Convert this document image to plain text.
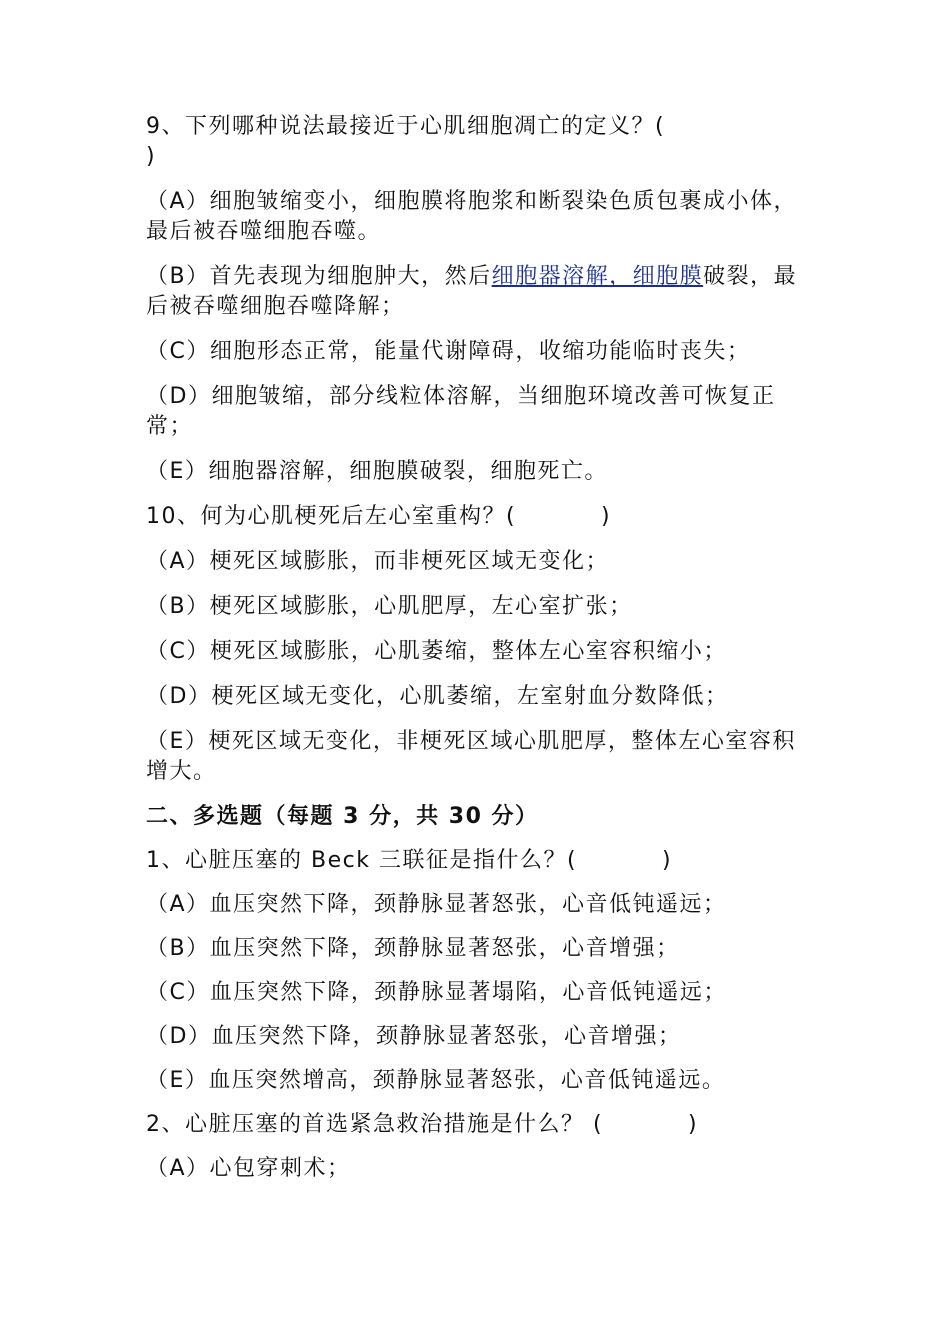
9、下列哪种说法最接近于心肌细胞凋亡的定义？(
)
（A）细胞皱缩变小，细胞膜将胞浆和断裂染色质包裹成小体，最后被吞噬细胞吞噬。
（B）首先表现为细胞肿大，然后细胞器溶解，细胞膜破裂，最后被吞噬细胞吞噬降解；
（C）细胞形态正常，能量代谢障碍，收缩功能临时丧失；
（D）细胞皱缩，部分线粒体溶解，当细胞环境改善可恢复正常；
（E）细胞器溶解，细胞膜破裂，细胞死亡。
10、何为心肌梗死后左心室重构？(          )
（A）梗死区域膨胀，而非梗死区域无变化；
（B）梗死区域膨胀，心肌肥厚，左心室扩张；
（C）梗死区域膨胀，心肌萎缩，整体左心室容积缩小；
（D）梗死区域无变化，心肌萎缩，左室射血分数降低；
（E）梗死区域无变化，非梗死区域心肌肥厚，整体左心室容积增大。
二、多选题（每题 3 分，共 30 分）
1、心脏压塞的 Beck 三联征是指什么？(          )
（A）血压突然下降，颈静脉显著怒张，心音低钝遥远；
（B）血压突然下降，颈静脉显著怒张，心音增强；
（C）血压突然下降，颈静脉显著塌陷，心音低钝遥远；
（D）血压突然下降，颈静脉显著怒张，心音增强；
（E）血压突然增高，颈静脉显著怒张，心音低钝遥远。
2、心脏压塞的首选紧急救治措施是什么？ (          )
（A）心包穿刺术；
